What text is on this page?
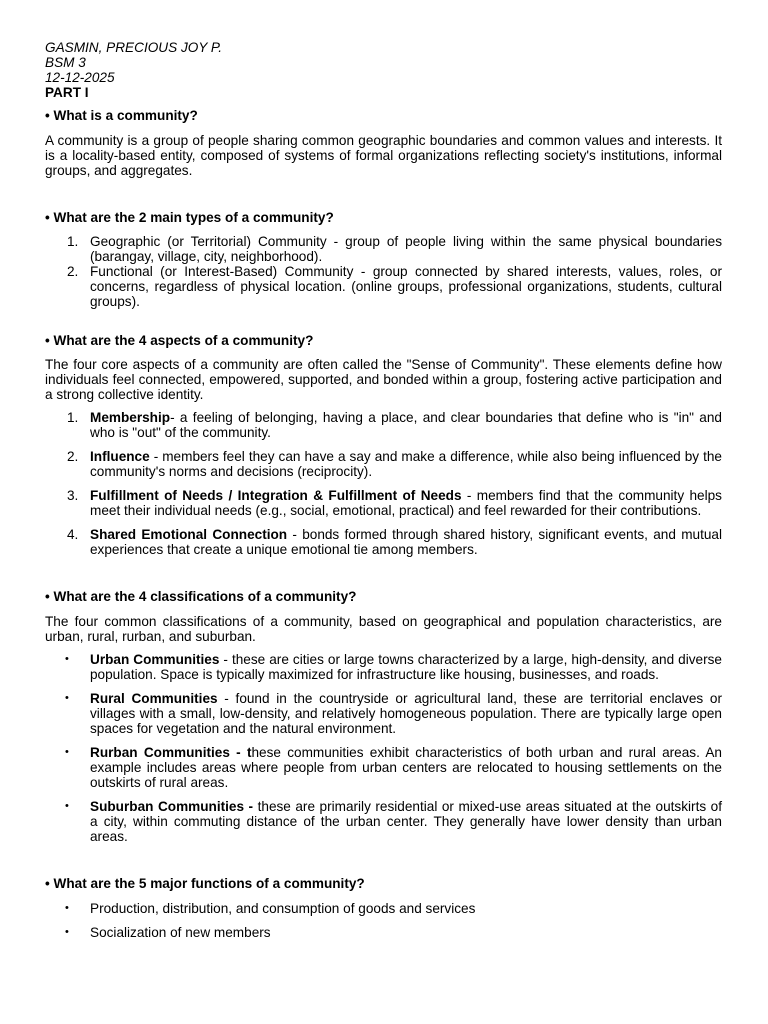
GASMIN, PRECIOUS JOY P.
BSM 3
12-12-2025
PART I
• What is a community?

A community is a group of people sharing common geographic boundaries and common values and interests. It is a locality-based entity, composed of systems of formal organizations reflecting society's institutions, informal groups, and aggregates.

• What are the 2 main types of a community?
1. Geographic (or Territorial) Community - group of people living within the same physical boundaries (barangay, village, city, neighborhood).
2. Functional (or Interest-Based) Community - group connected by shared interests, values, roles, or concerns, regardless of physical location. (online groups, professional organizations, students, cultural groups).
• What are the 4 aspects of a community?

The four core aspects of a community are often called the "Sense of Community". These elements define how individuals feel connected, empowered, supported, and bonded within a group, fostering active participation and a strong collective identity.

1. Membership- a feeling of belonging, having a place, and clear boundaries that define who is "in" and who is "out" of the community.
2. Influence - members feel they can have a say and make a difference, while also being influenced by the community's norms and decisions (reciprocity).
3. Fulfillment of Needs / Integration & Fulfillment of Needs - members find that the community helps meet their individual needs (e.g., social, emotional, practical) and feel rewarded for their contributions.
4. Shared Emotional Connection - bonds formed through shared history, significant events, and mutual experiences that create a unique emotional tie among members.
• What are the 4 classifications of a community?

The four common classifications of a community, based on geographical and population characteristics, are urban, rural, rurban, and suburban.

• Urban Communities - these are cities or large towns characterized by a large, high-density, and diverse population. Space is typically maximized for infrastructure like housing, businesses, and roads.
• Rural Communities - found in the countryside or agricultural land, these are territorial enclaves or villages with a small, low-density, and relatively homogeneous population. There are typically large open spaces for vegetation and the natural environment.
• Rurban Communities - these communities exhibit characteristics of both urban and rural areas. An example includes areas where people from urban centers are relocated to housing settlements on the outskirts of rural areas.
• Suburban Communities - these are primarily residential or mixed-use areas situated at the outskirts of a city, within commuting distance of the urban center. They generally have lower density than urban areas.
• What are the 5 major functions of a community?
• Production, distribution, and consumption of goods and services
• Socialization of new members
